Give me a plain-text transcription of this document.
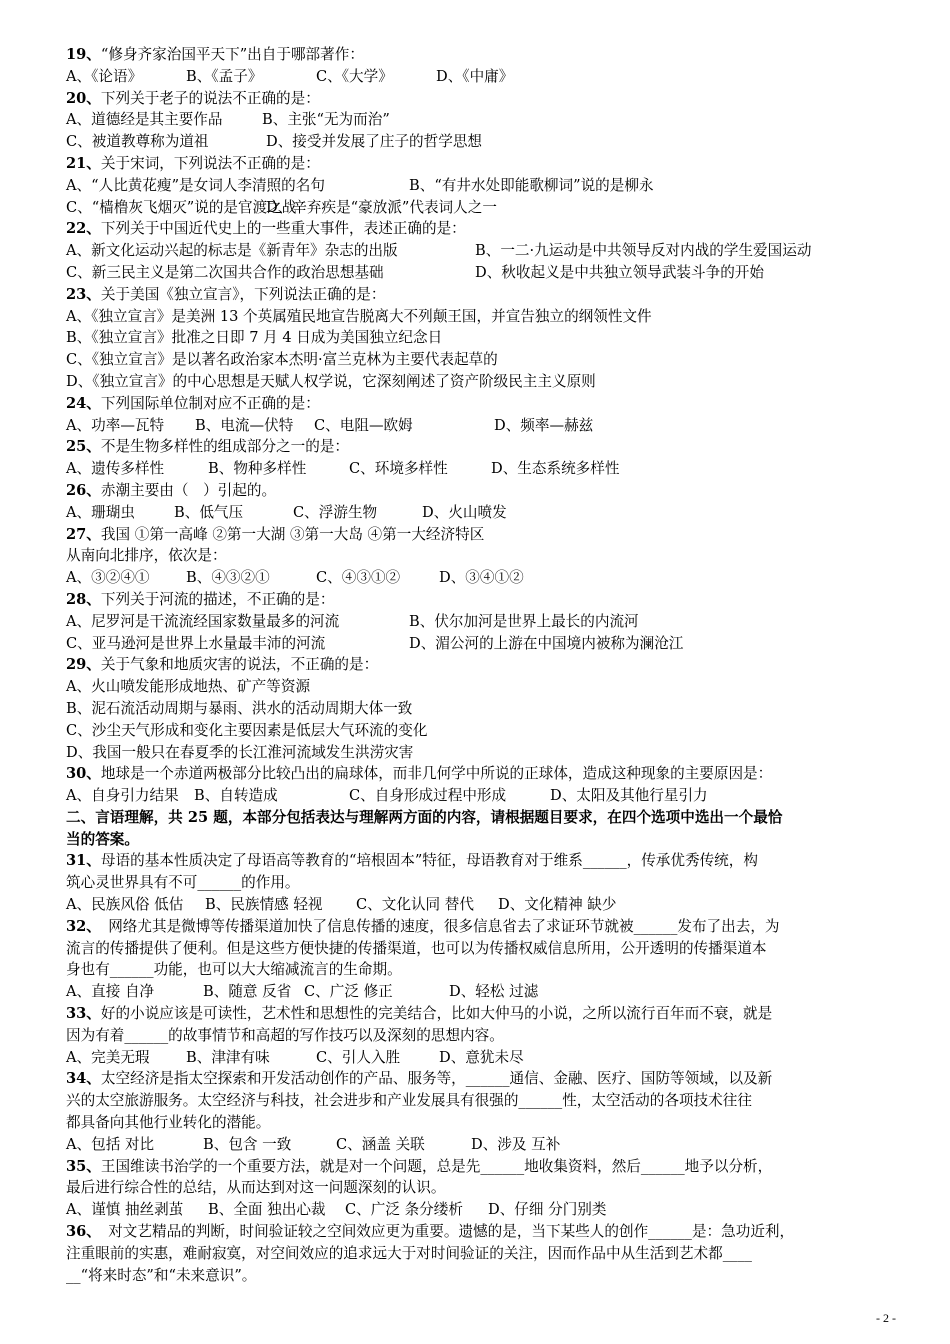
19、“修身齐家治国平天下”出自于哪部著作：
A、《论语》	B、《孟子》	C、《大学》	D、《中庸》
20、下列关于老子的说法不正确的是：
A、道德经是其主要作品	B、主张“无为而治”
C、被道教尊称为道祖	D、接受并发展了庄子的哲学思想
21、关于宋词，下列说法不正确的是：
A、“人比黄花瘦”是女词人李清照的名句	B、“有井水处即能歌柳词”说的是柳永
C、“樯橹灰飞烟灭”说的是官渡之战
D、辛弃疾是“豪放派”代表词人之一
22、下列关于中国近代史上的一些重大事件，表述正确的是：
A、新文化运动兴起的标志是《新青年》杂志的出版	B、一二·九运动是中共领导反对内战的学生爱国运动
C、新三民主义是第二次国共合作的政治思想基础	D、秋收起义是中共独立领导武装斗争的开始
23、关于美国《独立宣言》，下列说法正确的是：
A、《独立宣言》是美洲 13 个英属殖民地宣告脱离大不列颠王国，并宣告独立的纲领性文件
B、《独立宣言》批准之日即 7 月 4 日成为美国独立纪念日
C、《独立宣言》是以著名政治家本杰明·富兰克林为主要代表起草的
D、《独立宣言》的中心思想是天赋人权学说，它深刻阐述了资产阶级民主主义原则
24、下列国际单位制对应不正确的是：
A、功率—瓦特 B、电流—伏特 C、电阻—欧姆	D、频率—赫兹
25、不是生物多样性的组成部分之一的是：
A、遗传多样性	B、物种多样性	C、环境多样性	D、生态系统多样性
26、赤潮主要由（　）引起的。
A、珊瑚虫	B、低气压	C、浮游生物	D、火山喷发
27、我国 ①第一高峰 ②第一大湖 ③第一大岛 ④第一大经济特区
从南向北排序，依次是：
A、③②④① B、④③②①	C、④③①②	D、③④①②
28、下列关于河流的描述，不正确的是：
A、尼罗河是干流流经国家数量最多的河流	B、伏尔加河是世界上最长的内流河
C、亚马逊河是世界上水量最丰沛的河流	D、湄公河的上游在中国境内被称为澜沧江
29、关于气象和地质灾害的说法，不正确的是：
A、火山喷发能形成地热、矿产等资源
B、泥石流活动周期与暴雨、洪水的活动周期大体一致
C、沙尘天气形成和变化主要因素是低层大气环流的变化
D、我国一般只在春夏季的长江淮河流域发生洪涝灾害
30、地球是一个赤道两极部分比较凸出的扁球体，而非几何学中所说的正球体，造成这种现象的主要原因是：
A、自身引力结果 B、自转造成	C、自身形成过程中形成	D、太阳及其他行星引力
二、言语理解，共 25 题，本部分包括表达与理解两方面的内容，请根据题目要求，在四个选项中选出一个最恰
当的答案。
31、母语的基本性质决定了母语高等教育的“培根固本”特征，母语教育对于维系______，传承优秀传统，构
筑心灵世界具有不可______的作用。
A、民族风俗 低估 B、民族情感 轻视 C、文化认同 替代 D、文化精神 缺少
32、　网络尤其是微博等传播渠道加快了信息传播的速度，很多信息省去了求证环节就被______发布了出去，为
流言的传播提供了便利。但是这些方便快捷的传播渠道，也可以为传播权威信息所用，公开透明的传播渠道本
身也有______功能，也可以大大缩减流言的生命期。
A、直接 自净	B、随意 反省 C、广泛 修正	D、轻松 过滤
33、好的小说应该是可读性，艺术性和思想性的完美结合，比如大仲马的小说，之所以流行百年而不衰，就是
因为有着______的故事情节和高超的写作技巧以及深刻的思想内容。
A、完美无瑕 B、津津有味	C、引人入胜	D、意犹未尽
34、太空经济是指太空探索和开发活动创作的产品、服务等，______通信、金融、医疗、国防等领域，以及新
兴的太空旅游服务。太空经济与科技，社会进步和产业发展具有很强的______性，太空活动的各项技术往往
都具备向其他行业转化的潜能。
A、包括 对比	B、包含 一致	C、涵盖 关联	D、涉及 互补
35、王国维读书治学的一个重要方法，就是对一个问题，总是先______地收集资料，然后______地予以分析，
最后进行综合性的总结，从而达到对这一问题深刻的认识。
A、谨慎 抽丝剥茧 B、全面 独出心裁 C、广泛 条分缕析 D、仔细 分门别类
36、　对文艺精品的判断，时间验证较之空间效应更为重要。遗憾的是，当下某些人的创作______是：急功近利，
注重眼前的实惠，难耐寂寞，对空间效应的追求远大于对时间验证的关注，因而作品中从生活到艺术都____
__“将来时态”和“未来意识”。
- 2 -
